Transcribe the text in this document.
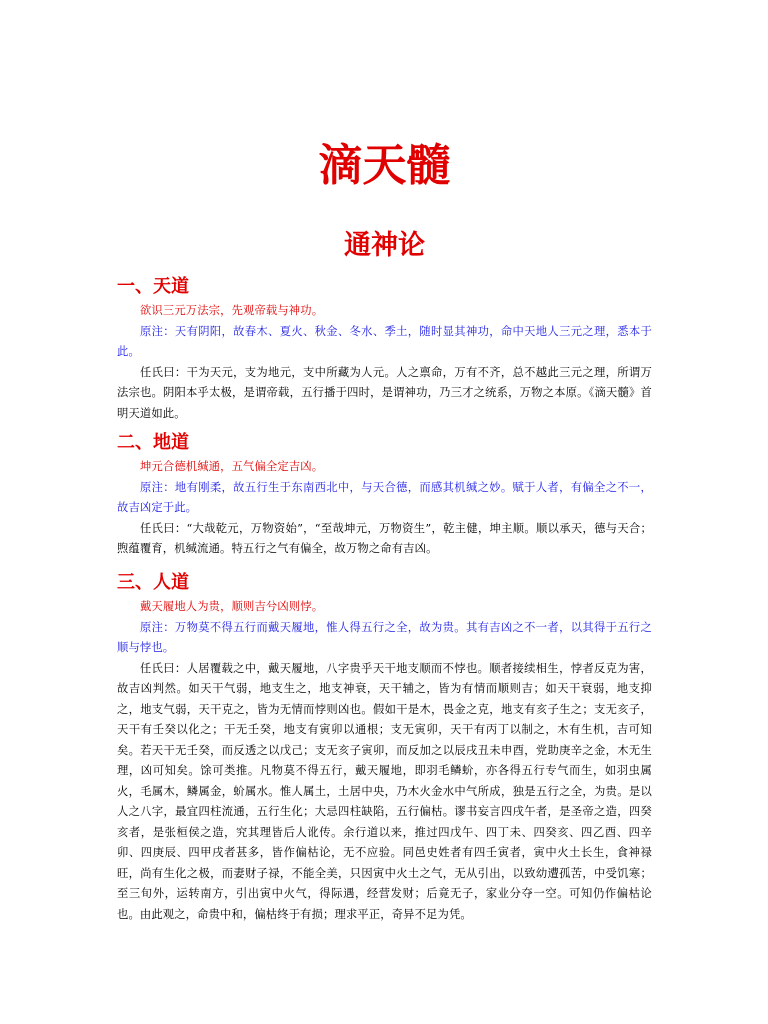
滴天髓
通神论
一、天道

欲识三元万法宗，先观帝载与神功。

原注：天有阴阳，故春木、夏火、秋金、冬水、季土，随时显其神功，命中天地人三元之理，悉本于此。

任氏曰：干为天元，支为地元，支中所藏为人元。人之禀命，万有不齐，总不越此三元之理，所谓万法宗也。阴阳本乎太极，是谓帝载，五行播于四时，是谓神功，乃三才之统系，万物之本原。《滴天髓》首明天道如此。

二、地道

坤元合德机缄通，五气偏全定吉凶。

原注：地有刚柔，故五行生于东南西北中，与天合德，而感其机缄之妙。赋于人者，有偏全之不一，故吉凶定于此。

任氏曰：“大哉乾元，万物资始”，“至哉坤元，万物资生”，乾主健，坤主顺。顺以承天，德与天合；煦蕴覆育，机缄流通。特五行之气有偏全，故万物之命有吉凶。

三、人道

戴天履地人为贵，顺则吉兮凶则悖。

原注：万物莫不得五行而戴天履地，惟人得五行之全，故为贵。其有吉凶之不一者，以其得于五行之顺与悖也。

任氏曰：人居覆载之中，戴天履地，八字贵乎天干地支顺而不悖也。顺者接续相生，悖者反克为害，故吉凶判然。如天干气弱，地支生之，地支神衰，天干辅之，皆为有情而顺则吉；如天干衰弱，地支抑之，地支气弱，天干克之，皆为无情而悖则凶也。假如干是木，畏金之克，地支有亥子生之；支无亥子，天干有壬癸以化之；干无壬癸，地支有寅卯以通根；支无寅卯，天干有丙丁以制之，木有生机，吉可知矣。若天干无壬癸，而反透之以戊己；支无亥子寅卯，而反加之以辰戌丑未申酉，党助庚辛之金，木无生理，凶可知矣。馀可类推。凡物莫不得五行，戴天履地，即羽毛鳞蚧，亦各得五行专气而生，如羽虫属火，毛属木，鳞属金，蚧属水。惟人属土，土居中央，乃木火金水中气所成，独是五行之全，为贵。是以人之八字，最宜四柱流通，五行生化；大忌四柱缺陷，五行偏枯。谬书妄言四戌午者，是圣帝之造，四癸亥者，是张桓侯之造，究其理皆后人讹传。余行道以来，推过四戊午、四丁未、四癸亥、四乙酉、四辛卯、四庚辰、四甲戌者甚多，皆作偏枯论，无不应验。同邑史姓者有四壬寅者，寅中火土长生，食神禄旺，尚有生化之极，而妻财子禄，不能全美，只因寅中火土之气，无从引出，以致幼遭孤苦，中受饥寒；至三旬外，运转南方，引出寅中火气，得际遇，经营发财；后竟无子，家业分夺一空。可知仍作偏枯论也。由此观之，命贵中和，偏枯终于有损；理求平正，奇异不足为凭。
